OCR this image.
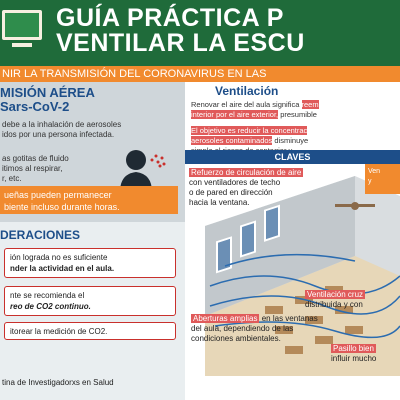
GUÍA PRÁCTICA P
VENTILAR LA ESCU
NIR LA TRANSMISIÓN DEL CORONAVIRUS EN LAS
MISIÓN AÉREA
Sars-CoV-2
debe a la inhalación de aerosoles
idos por una persona infectada.
as gotitas de fluido
itimos al respirar,
r, etc.
ueñas pueden permanecer
biente incluso durante horas.
DERACIONES
ión lograda no es suficiente
nder la actividad en el aula.
nte se recomienda el
reo de CO2 continuo.
itorear la medición de CO2.
tina de Investigadorxs en Salud
Ventilación
Renovar el aire del aula significa reem
interior por el aire exterior, presumible
El objetivo es reducir la concentrac
aerosoles contaminados disminuye

CLAVES
Refuerzo de circulación de aire
con ventiladores de techo
o de pared en dirección
hacia la ventana.
Ven
y
Ventilación cruz
distribuida y con
Aberturas amplias en las ventanas
del aula, dependiendo de las
condiciones ambientales.
Pasillo bien
influir mucho
